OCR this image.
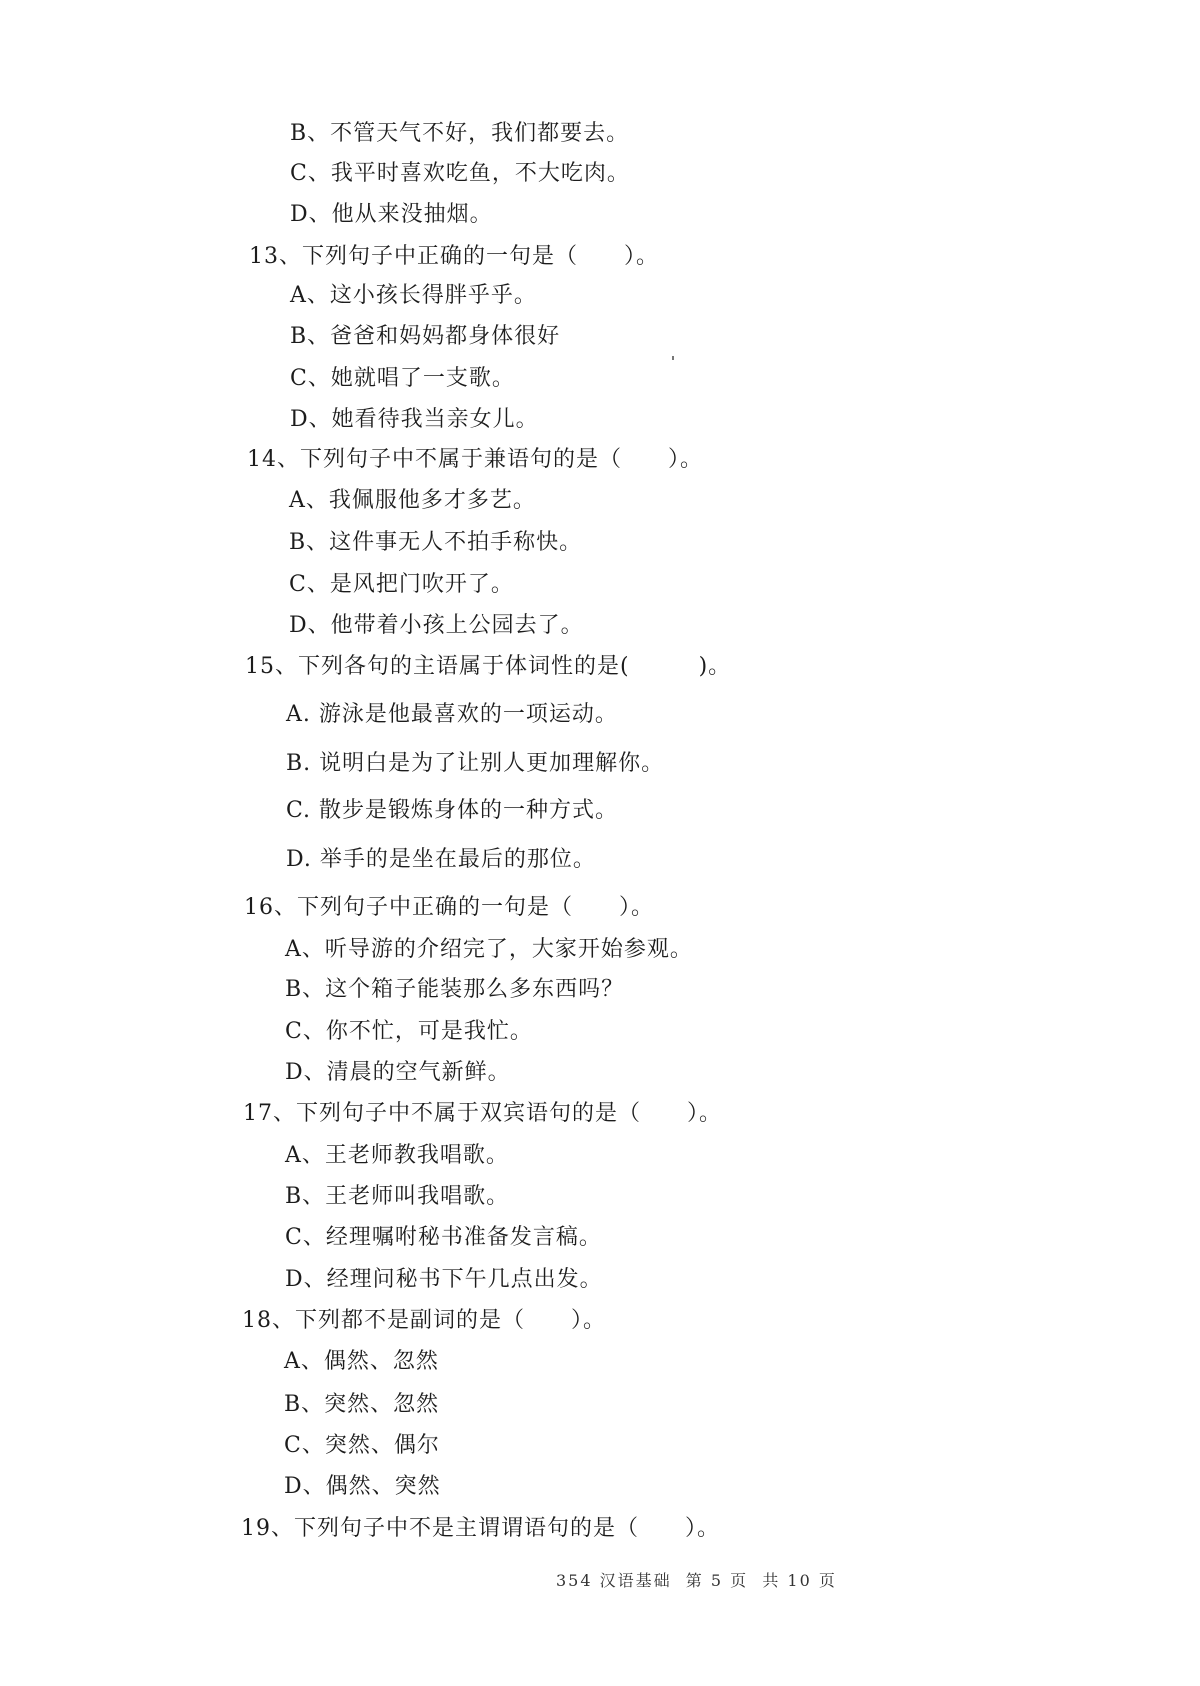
B、不管天气不好，我们都要去。
C、我平时喜欢吃鱼，不大吃肉。
D、他从来没抽烟。
13、下列句子中正确的一句是（　　）。
A、这小孩长得胖乎乎。
B、爸爸和妈妈都身体很好
C、她就唱了一支歌。
D、她看待我当亲女儿。
14、下列句子中不属于兼语句的是（　　）。
A、我佩服他多才多艺。
B、这件事无人不拍手称快。
C、是风把门吹开了。
D、他带着小孩上公园去了。
15、下列各句的主语属于体词性的是(　　　)。
A. 游泳是他最喜欢的一项运动。
B. 说明白是为了让别人更加理解你。
C. 散步是锻炼身体的一种方式。
D. 举手的是坐在最后的那位。
16、下列句子中正确的一句是（　　）。
A、听导游的介绍完了，大家开始参观。
B、这个箱子能装那么多东西吗？
C、你不忙，可是我忙。
D、清晨的空气新鲜。
17、下列句子中不属于双宾语句的是（　　）。
A、王老师教我唱歌。
B、王老师叫我唱歌。
C、经理嘱咐秘书准备发言稿。
D、经理问秘书下午几点出发。
18、下列都不是副词的是（　　）。
A、偶然、忽然
B、突然、忽然
C、突然、偶尔
D、偶然、突然
19、下列句子中不是主谓谓语句的是（　　）。
354 汉语基础  第 5 页  共 10 页
